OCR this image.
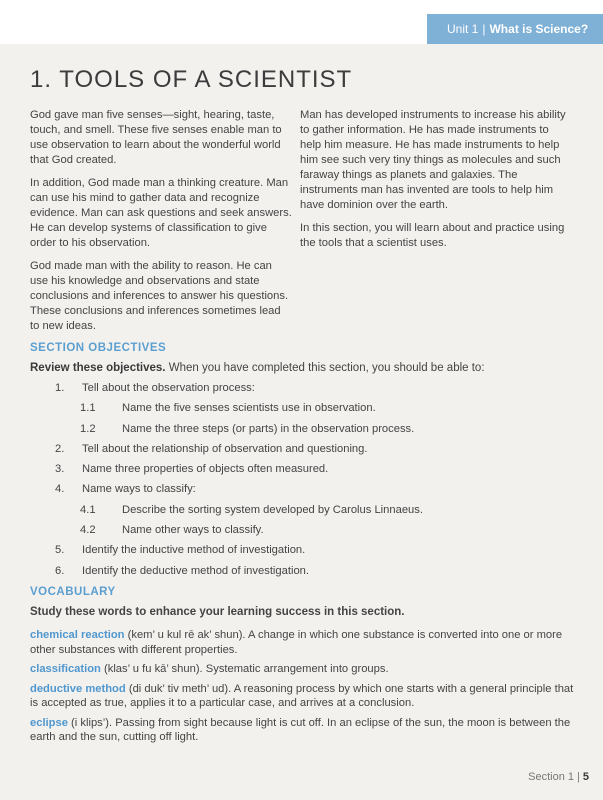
Unit 1 | What is Science?
1. TOOLS OF A SCIENTIST

God gave man five senses—sight, hearing, taste, touch, and smell. These five senses enable man to use observation to learn about the wonderful world that God created.

In addition, God made man a thinking creature. Man can use his mind to gather data and recognize evidence. Man can ask questions and seek answers. He can develop systems of classification to give order to his observation.

God made man with the ability to reason. He can use his knowledge and observations and state conclusions and inferences to answer his questions. These conclusions and inferences sometimes lead to new ideas.

Man has developed instruments to increase his ability to gather information. He has made instruments to help him measure. He has made instruments to help him see such very tiny things as molecules and such faraway things as planets and galaxies. The instruments man has invented are tools to help him have dominion over the earth.

In this section, you will learn about and practice using the tools that a scientist uses.

SECTION OBJECTIVES

Review these objectives. When you have completed this section, you should be able to:

1. Tell about the observation process:
1.1 Name the five senses scientists use in observation.
1.2 Name the three steps (or parts) in the observation process.
2. Tell about the relationship of observation and questioning.
3. Name three properties of objects often measured.
4. Name ways to classify:
4.1 Describe the sorting system developed by Carolus Linnaeus.
4.2 Name other ways to classify.
5. Identify the inductive method of investigation.
6. Identify the deductive method of investigation.
VOCABULARY

Study these words to enhance your learning success in this section.

chemical reaction (kem’ u kul rē ak’ shun). A change in which one substance is converted into one or more other substances with different properties.

classification (klas’ u fu kā’ shun). Systematic arrangement into groups.

deductive method (di duk’ tiv meth’ ud). A reasoning process by which one starts with a general principle that is accepted as true, applies it to a particular case, and arrives at a conclusion.

eclipse (i klips’). Passing from sight because light is cut off. In an eclipse of the sun, the moon is between the earth and the sun, cutting off light.

Section 1 | 5
